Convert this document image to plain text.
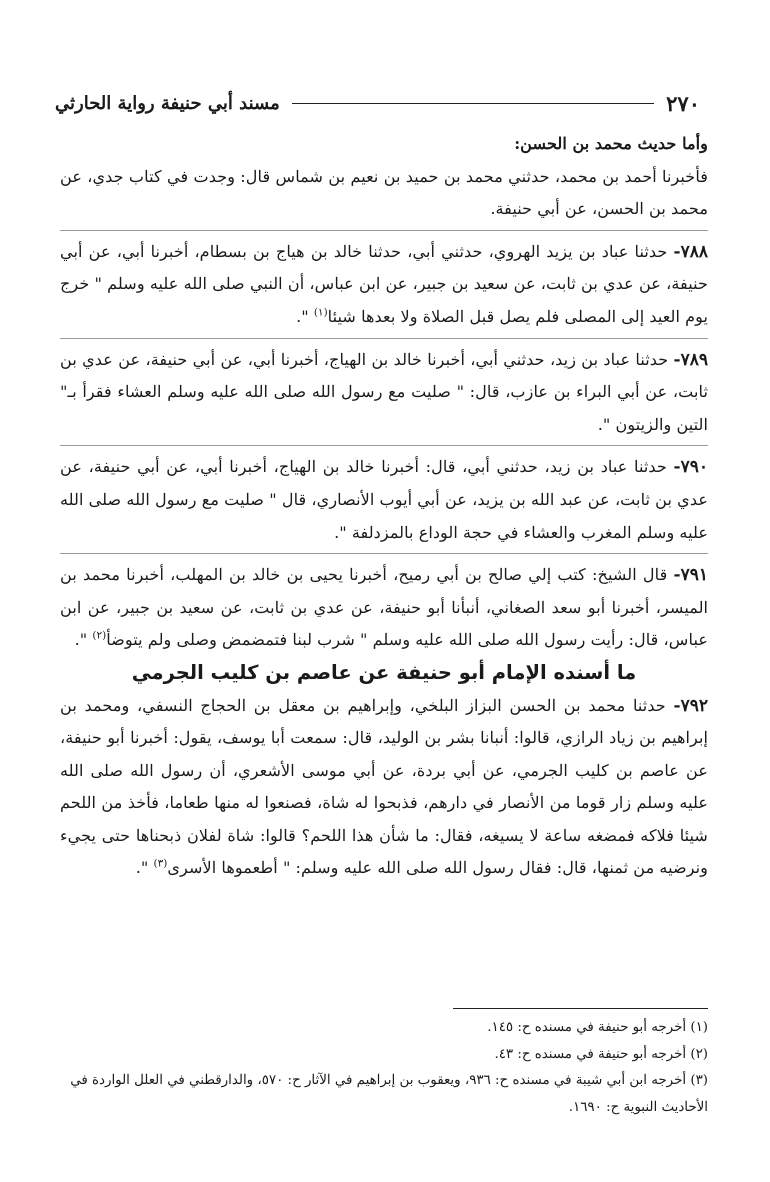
٢٧٠
مسند أبي حنيفة رواية الحارثي

وأما حديث محمد بن الحسن:

فأخبرنا أحمد بن محمد، حدثني محمد بن حميد بن نعيم بن شماس قال: وجدت في كتاب جدي، عن محمد بن الحسن، عن أبي حنيفة.

٧٨٨- حدثنا عباد بن يزيد الهروي، حدثني أبي، حدثنا خالد بن هياج بن بسطام، أخبرنا أبي، عن أبي حنيفة، عن عدي بن ثابت، عن سعيد بن جبير، عن ابن عباس، أن النبي صلى الله عليه وسلم " خرج يوم العيد إلى المصلى فلم يصل قبل الصلاة ولا بعدها شيئا$^{(١)}$ ".

٧٨٩- حدثنا عباد بن زيد، حدثني أبي، أخبرنا خالد بن الهياج، أخبرنا أبي، عن أبي حنيفة، عن عدي بن ثابت، عن أبي البراء بن عازب، قال: " صليت مع رسول الله صلى الله عليه وسلم العشاء فقرأ بـ" التين والزيتون ".

٧٩٠- حدثنا عباد بن زيد، حدثني أبي، قال: أخبرنا خالد بن الهياج، أخبرنا أبي، عن أبي حنيفة، عن عدي بن ثابت، عن عبد الله بن يزيد، عن أبي أيوب الأنصاري، قال " صليت مع رسول الله صلى الله عليه وسلم المغرب والعشاء في حجة الوداع بالمزدلفة ".

٧٩١- قال الشيخ: كتب إلي صالح بن أبي رميح، أخبرنا يحيى بن خالد بن المهلب، أخبرنا محمد بن الميسر، أخبرنا أبو سعد الصغاني، أنبأنا أبو حنيفة، عن عدي بن ثابت، عن سعيد بن جبير، عن ابن عباس، قال: رأيت رسول الله صلى الله عليه وسلم " شرب لبنا فتمضمض وصلى ولم يتوضأ$^{(٢)}$ ".

ما أسنده الإمام أبو حنيفة عن عاصم بن كليب الجرمي

٧٩٢- حدثنا محمد بن الحسن البزاز البلخي، وإبراهيم بن معقل بن الحجاج النسفي، ومحمد بن إبراهيم بن زياد الرازي، قالوا: أنبانا بشر بن الوليد، قال: سمعت أبا يوسف، يقول: أخبرنا أبو حنيفة، عن عاصم بن كليب الجرمي، عن أبي بردة، عن أبي موسى الأشعري، أن رسول الله صلى الله عليه وسلم زار قوما من الأنصار في دارهم، فذبحوا له شاة، فصنعوا له منها طعاما، فأخذ من اللحم شيئا فلاكه فمضغه ساعة لا يسيغه، فقال: ما شأن هذا اللحم؟ قالوا: شاة لفلان ذبحناها حتى يجيء ونرضيه من ثمنها، قال: فقال رسول الله صلى الله عليه وسلم: " أطعموها الأسرى$^{(٣)}$ ".

(١) أخرجه أبو حنيفة في مسنده ح: ١٤٥.

(٢) أخرجه أبو حنيفة في مسنده ح: ٤٣.

(٣) أخرجه ابن أبي شيبة في مسنده ح: ٩٣٦، ويعقوب بن إبراهيم في الآثار ح: ٥٧٠، والدارقطني في العلل الواردة في الأحاديث النبوية ح: ١٦٩٠.
